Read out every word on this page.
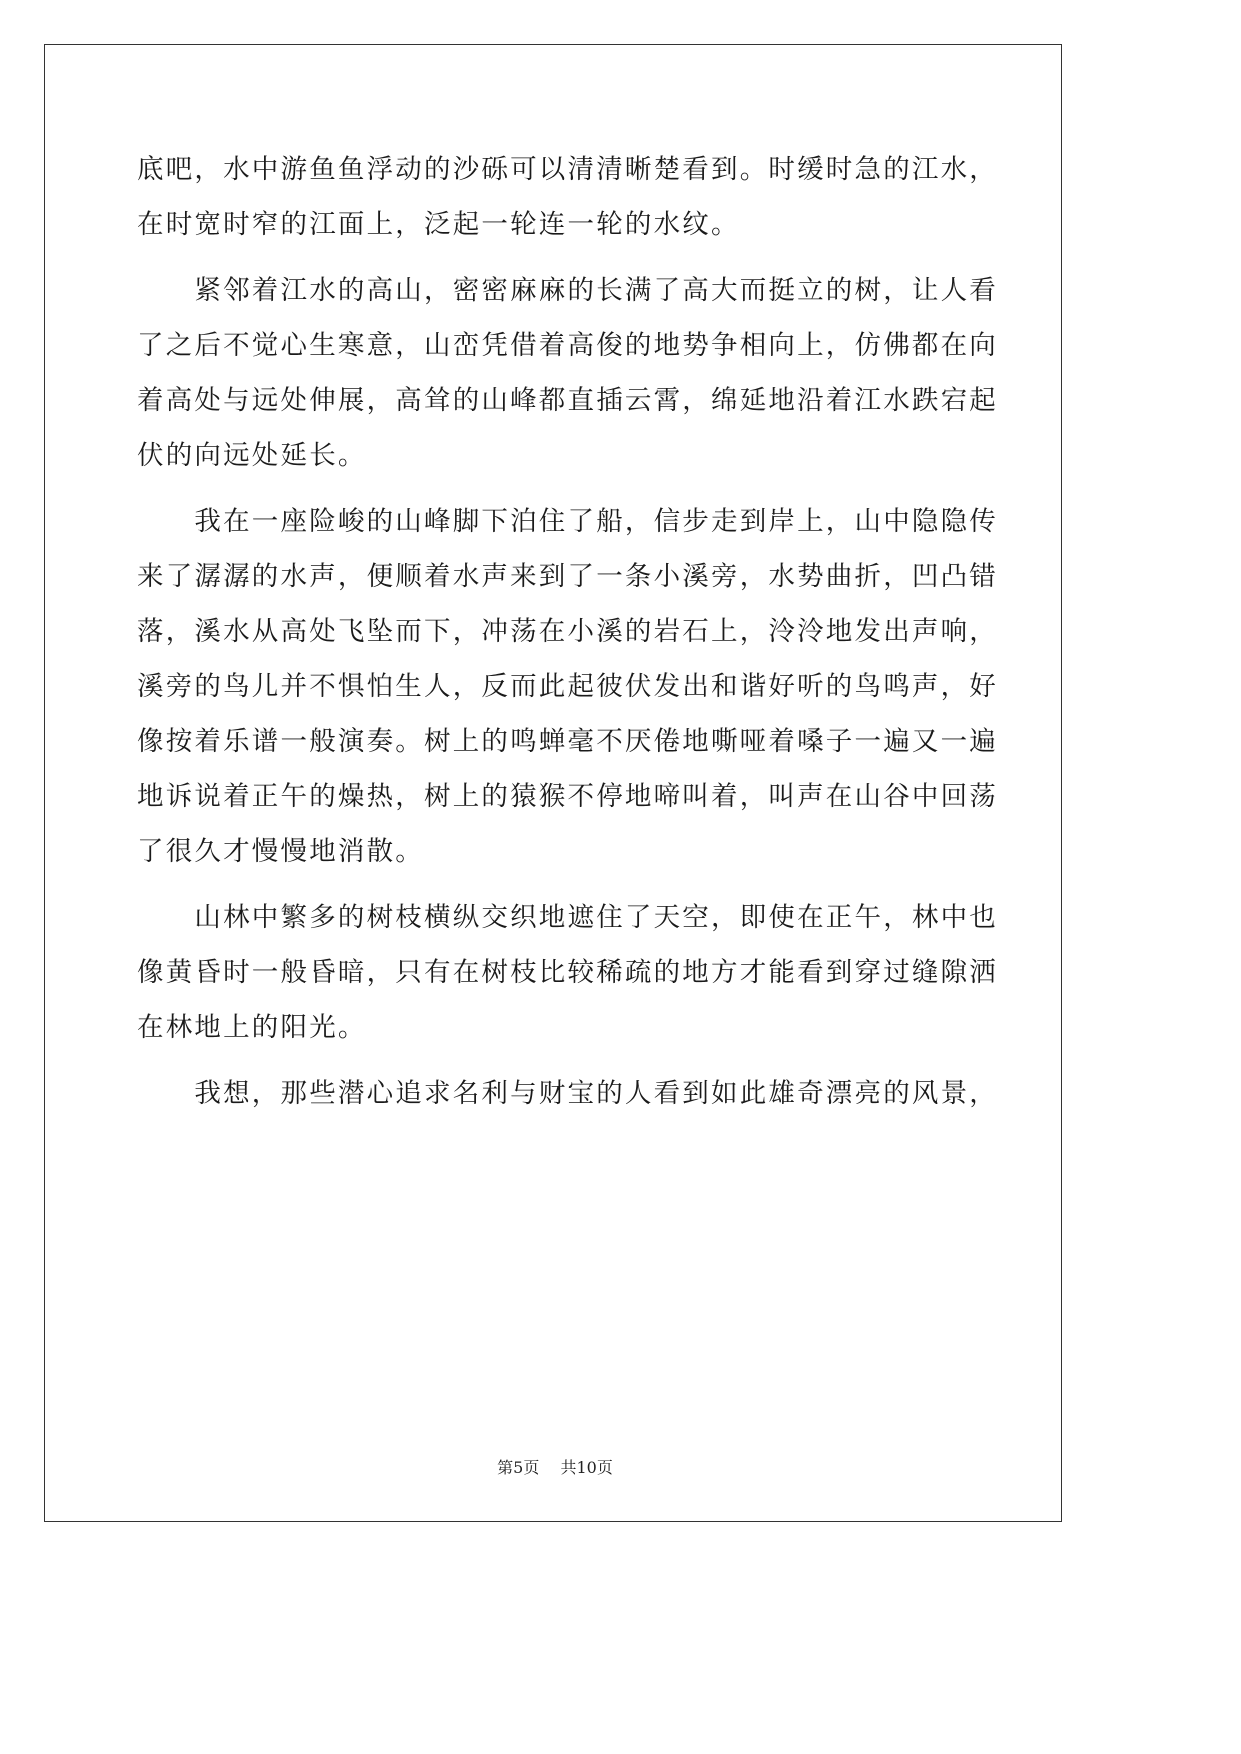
底吧，水中游鱼鱼浮动的沙砾可以清清晰楚看到。时缓时急的江水，
在时宽时窄的江面上，泛起一轮连一轮的水纹。
　　紧邻着江水的高山，密密麻麻的长满了高大而挺立的树，让人看
了之后不觉心生寒意，山峦凭借着高俊的地势争相向上，仿佛都在向
着高处与远处伸展，高耸的山峰都直插云霄，绵延地沿着江水跌宕起
伏的向远处延长。
　　我在一座险峻的山峰脚下泊住了船，信步走到岸上，山中隐隐传
来了潺潺的水声，便顺着水声来到了一条小溪旁，水势曲折，凹凸错
落，溪水从高处飞坠而下，冲荡在小溪的岩石上，泠泠地发出声响，
溪旁的鸟儿并不惧怕生人，反而此起彼伏发出和谐好听的鸟鸣声，好
像按着乐谱一般演奏。树上的鸣蝉毫不厌倦地嘶哑着嗓子一遍又一遍
地诉说着正午的燥热，树上的猿猴不停地啼叫着，叫声在山谷中回荡
了很久才慢慢地消散。
　　山林中繁多的树枝横纵交织地遮住了天空，即使在正午，林中也
像黄昏时一般昏暗，只有在树枝比较稀疏的地方才能看到穿过缝隙洒
在林地上的阳光。
　　我想，那些潜心追求名利与财宝的人看到如此雄奇漂亮的风景，
第5页 共10页
